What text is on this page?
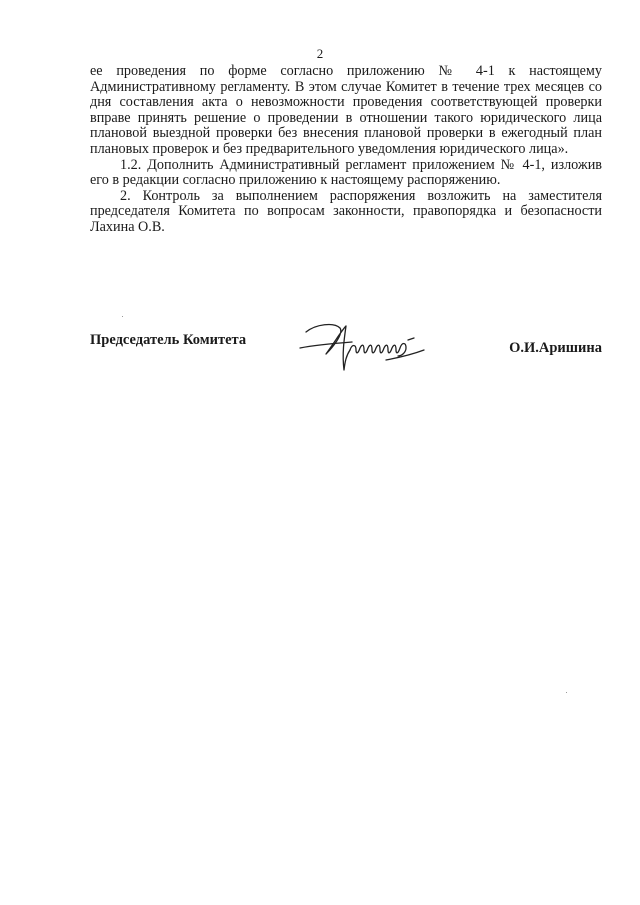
2

ее проведения по форме согласно приложению № 4-1 к настоящему Административному регламенту. В этом случае Комитет в течение трех месяцев со дня составления акта о невозможности проведения соответствующей проверки вправе принять решение о проведении в отношении такого юридического лица плановой выездной проверки без внесения плановой проверки в ежегодный план плановых проверок и без предварительного уведомления юридического лица».

1.2. Дополнить Административный регламент приложением № 4-1, изложив его в редакции согласно приложению к настоящему распоряжению.

2. Контроль за выполнением распоряжения возложить на заместителя председателя Комитета по вопросам законности, правопорядка и безопасности Лахина О.В.

Председатель Комитета	О.И.Аришина
